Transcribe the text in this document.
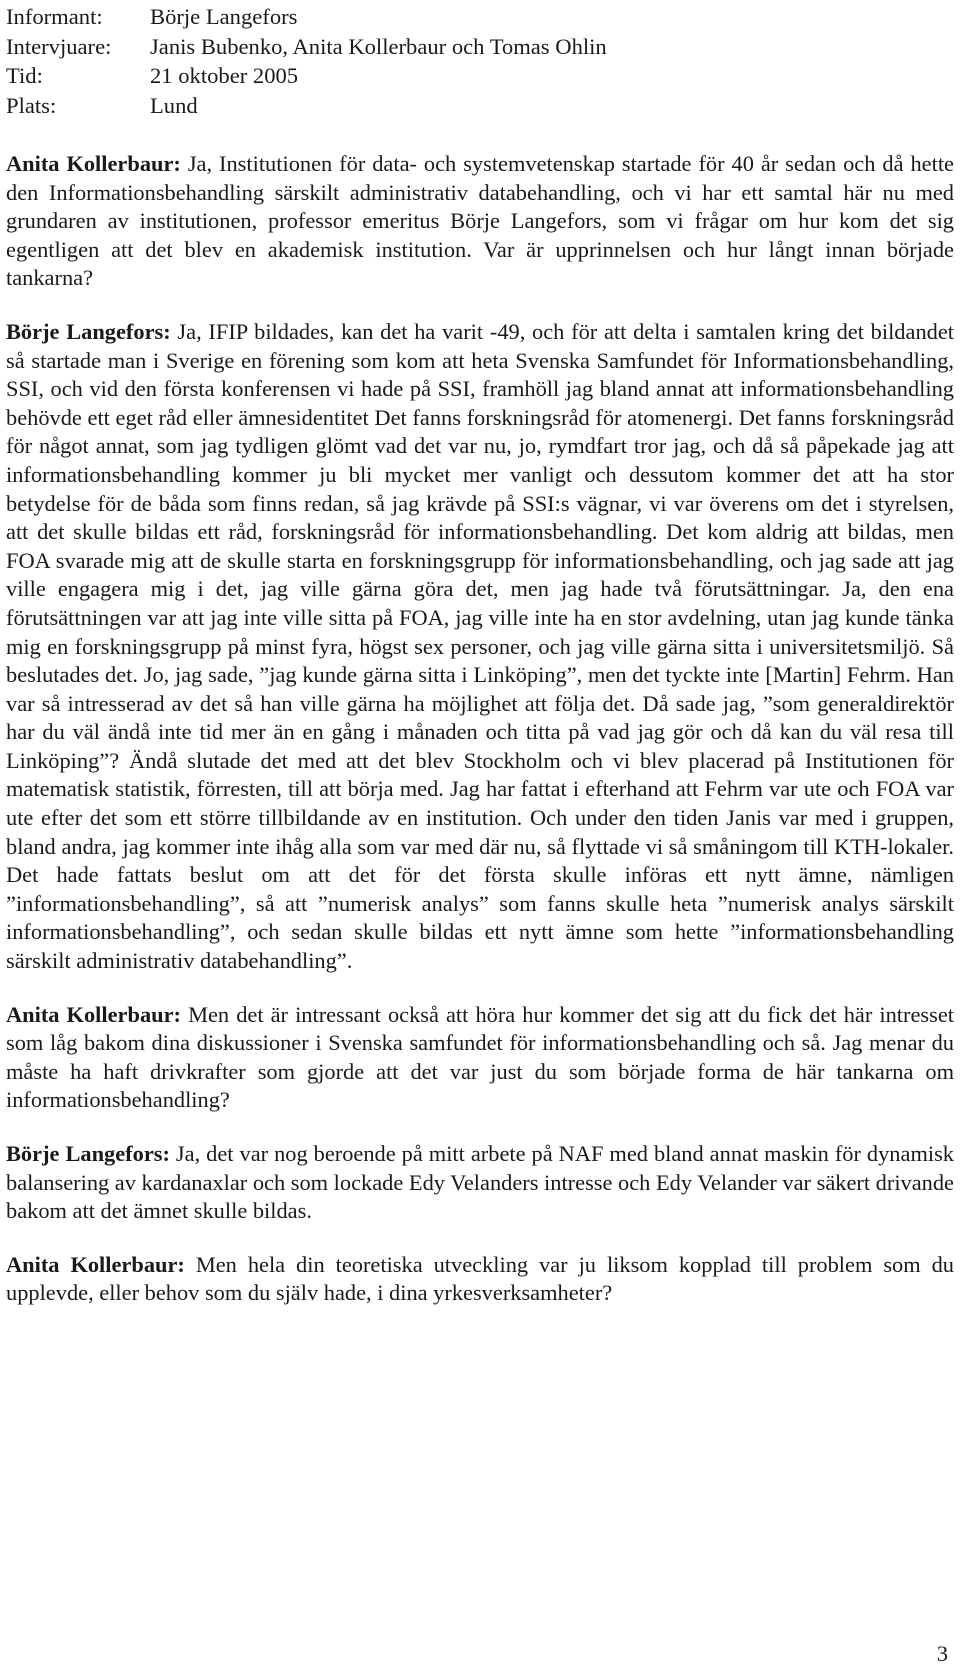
Informant:	Börje Langefors
Intervjuare:	Janis Bubenko, Anita Kollerbaur och Tomas Ohlin
Tid:	21 oktober 2005
Plats:	Lund

Anita Kollerbaur: Ja, Institutionen för data- och systemvetenskap startade för 40 år sedan och då hette den Informationsbehandling särskilt administrativ databehandling, och vi har ett samtal här nu med grundaren av institutionen, professor emeritus Börje Langefors, som vi frågar om hur kom det sig egentligen att det blev en akademisk institution. Var är upprinnelsen och hur långt innan började tankarna?

Börje Langefors: Ja, IFIP bildades, kan det ha varit -49, och för att delta i samtalen kring det bildandet så startade man i Sverige en förening som kom att heta Svenska Samfundet för Informationsbehandling, SSI, och vid den första konferensen vi hade på SSI, framhöll jag bland annat att informationsbehandling behövde ett eget råd eller ämnesidentitet Det fanns forskningsråd för atomenergi. Det fanns forskningsråd för något annat, som jag tydligen glömt vad det var nu, jo, rymdfart tror jag, och då så påpekade jag att informationsbehandling kommer ju bli mycket mer vanligt och dessutom kommer det att ha stor betydelse för de båda som finns redan, så jag krävde på SSI:s vägnar, vi var överens om det i styrelsen, att det skulle bildas ett råd, forskningsråd för informationsbehandling. Det kom aldrig att bildas, men FOA svarade mig att de skulle starta en forskningsgrupp för informationsbehandling, och jag sade att jag ville engagera mig i det, jag ville gärna göra det, men jag hade två förutsättningar. Ja, den ena förutsättningen var att jag inte ville sitta på FOA, jag ville inte ha en stor avdelning, utan jag kunde tänka mig en forskningsgrupp på minst fyra, högst sex personer, och jag ville gärna sitta i universitetsmiljö. Så beslutades det. Jo, jag sade, ”jag kunde gärna sitta i Linköping”, men det tyckte inte [Martin] Fehrm. Han var så intresserad av det så han ville gärna ha möjlighet att följa det. Då sade jag, ”som generaldirektör har du väl ändå inte tid mer än en gång i månaden och titta på vad jag gör och då kan du väl resa till Linköping”? Ändå slutade det med att det blev Stockholm och vi blev placerad på Institutionen för matematisk statistik, förresten, till att börja med. Jag har fattat i efterhand att Fehrm var ute och FOA var ute efter det som ett större tillbildande av en institution. Och under den tiden Janis var med i gruppen, bland andra, jag kommer inte ihåg alla som var med där nu, så flyttade vi så småningom till KTH-lokaler. Det hade fattats beslut om att det för det första skulle införas ett nytt ämne, nämligen ”informationsbehandling”, så att ”numerisk analys” som fanns skulle heta ”numerisk analys särskilt informationsbehandling”, och sedan skulle bildas ett nytt ämne som hette ”informationsbehandling särskilt administrativ databehandling”.

Anita Kollerbaur: Men det är intressant också att höra hur kommer det sig att du fick det här intresset som låg bakom dina diskussioner i Svenska samfundet för informationsbehandling och så. Jag menar du måste ha haft drivkrafter som gjorde att det var just du som började forma de här tankarna om informationsbehandling?

Börje Langefors: Ja, det var nog beroende på mitt arbete på NAF med bland annat maskin för dynamisk balansering av kardanaxlar och som lockade Edy Velanders intresse och Edy Velander var säkert drivande bakom att det ämnet skulle bildas.

Anita Kollerbaur: Men hela din teoretiska utveckling var ju liksom kopplad till problem som du upplevde, eller behov som du själv hade, i dina yrkesverksamheter?

3
